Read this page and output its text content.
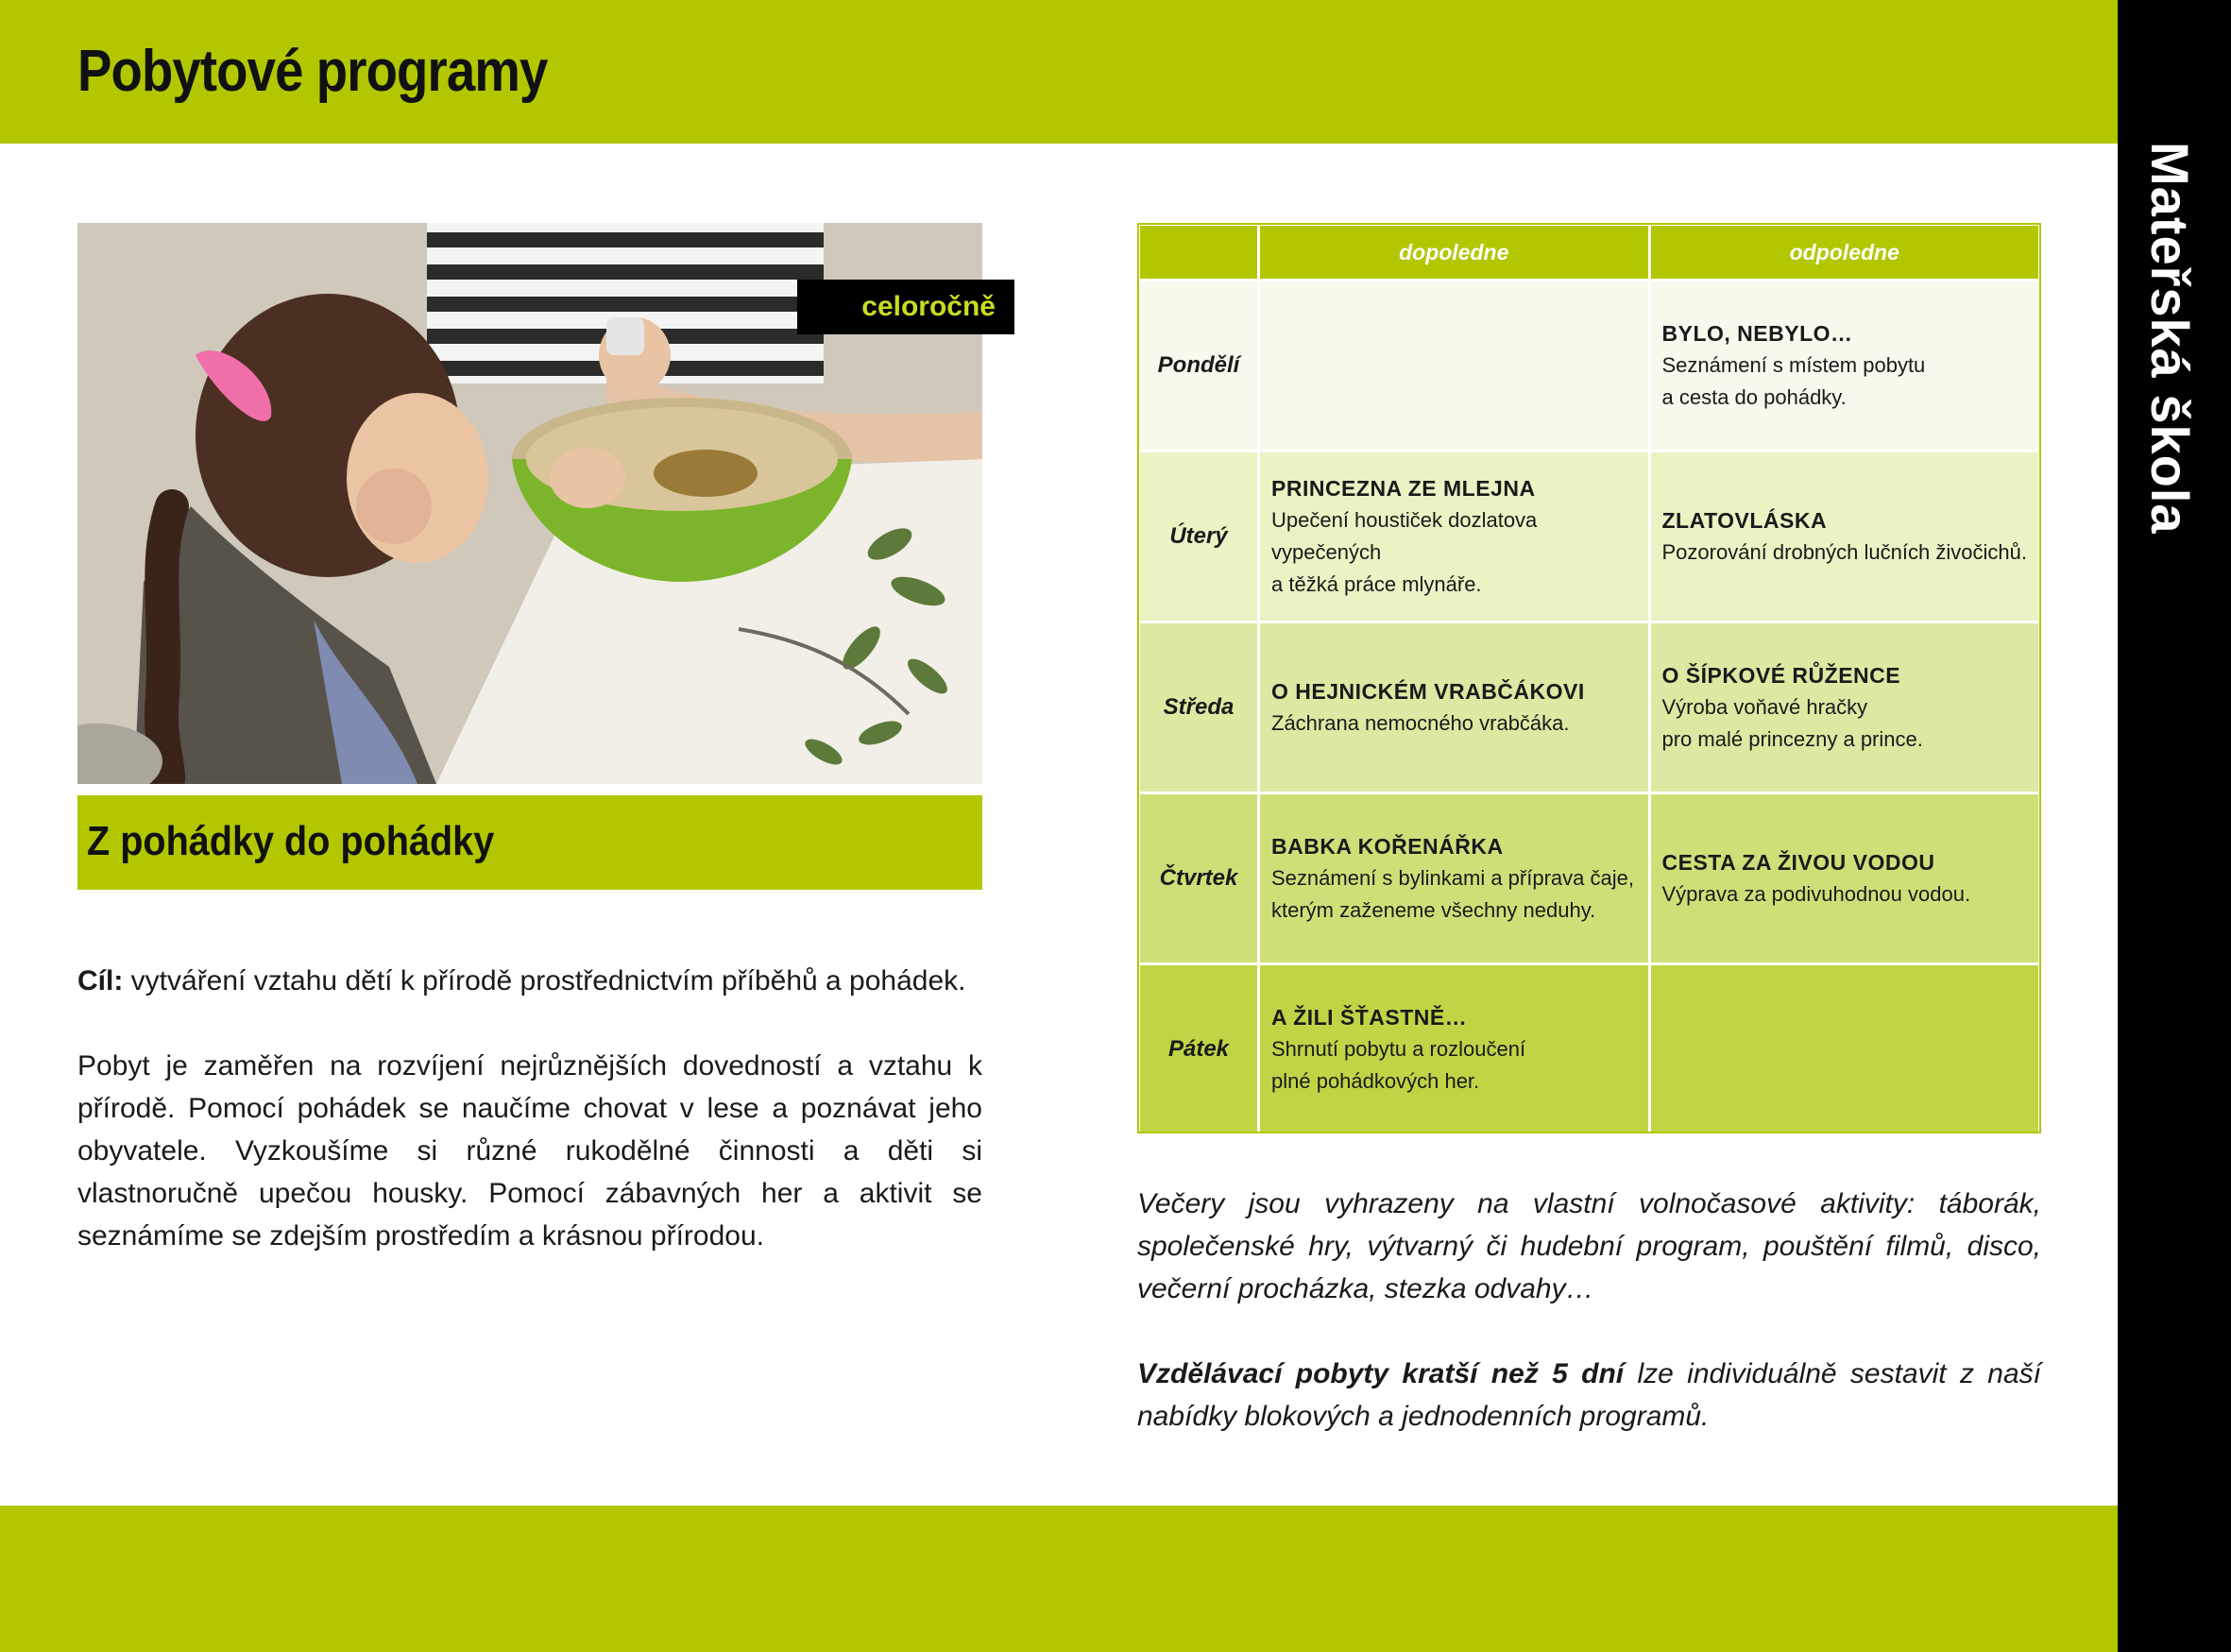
Pobytové programy
Mateřská škola
celoročně
Z pohádky do pohádky

Cíl: vytváření vztahu dětí k přírodě prostřednictvím příběhů a pohádek.

Pobyt je zaměřen na rozvíjení nejrůznějších dovedností a vztahu k přírodě. Pomocí pohádek se naučíme chovat v lese a poznávat jeho obyvatele. Vyzkoušíme si různé rukodělné činnosti a děti si vlastnoručně upečou housky. Pomocí zábavných her a aktivit se seznámíme se zdejším prostředím a krásnou přírodou.

	dopoledne	odpoledne
Pondělí		BYLO, NEBYLO…
Seznámení s místem pobytu
a cesta do pohádky.

Úterý	PRINCEZNA ZE MLEJNA
Upečení houstiček dozlatova vypečených
a těžká práce mlynáře.	ZLATOVLÁSKA
Pozorování drobných lučních živočichů.

Středa	O HEJNICKÉM VRABČÁKOVI
Záchrana nemocného vrabčáka.	O ŠÍPKOVÉ RŮŽENCE
Výroba voňavé hračky
pro malé princezny a prince.

Čtvrtek	BABKA KOŘENÁŘKA
Seznámení s bylinkami a příprava čaje,
kterým zaženeme všechny neduhy.	CESTA ZA ŽIVOU VODOU
Výprava za podivuhodnou vodou.

Pátek	A ŽILI ŠŤASTNĚ…
Shrnutí pobytu a rozloučení
plné pohádkových her.	

Večery jsou vyhrazeny na vlastní volnočasové aktivity: táborák, společenské hry, výtvarný či hudební program, pouštění filmů, disco, večerní procházka, stezka odvahy…

Vzdělávací pobyty kratší než 5 dní lze individuálně sestavit z naší nabídky blokových a jednodenních programů.
